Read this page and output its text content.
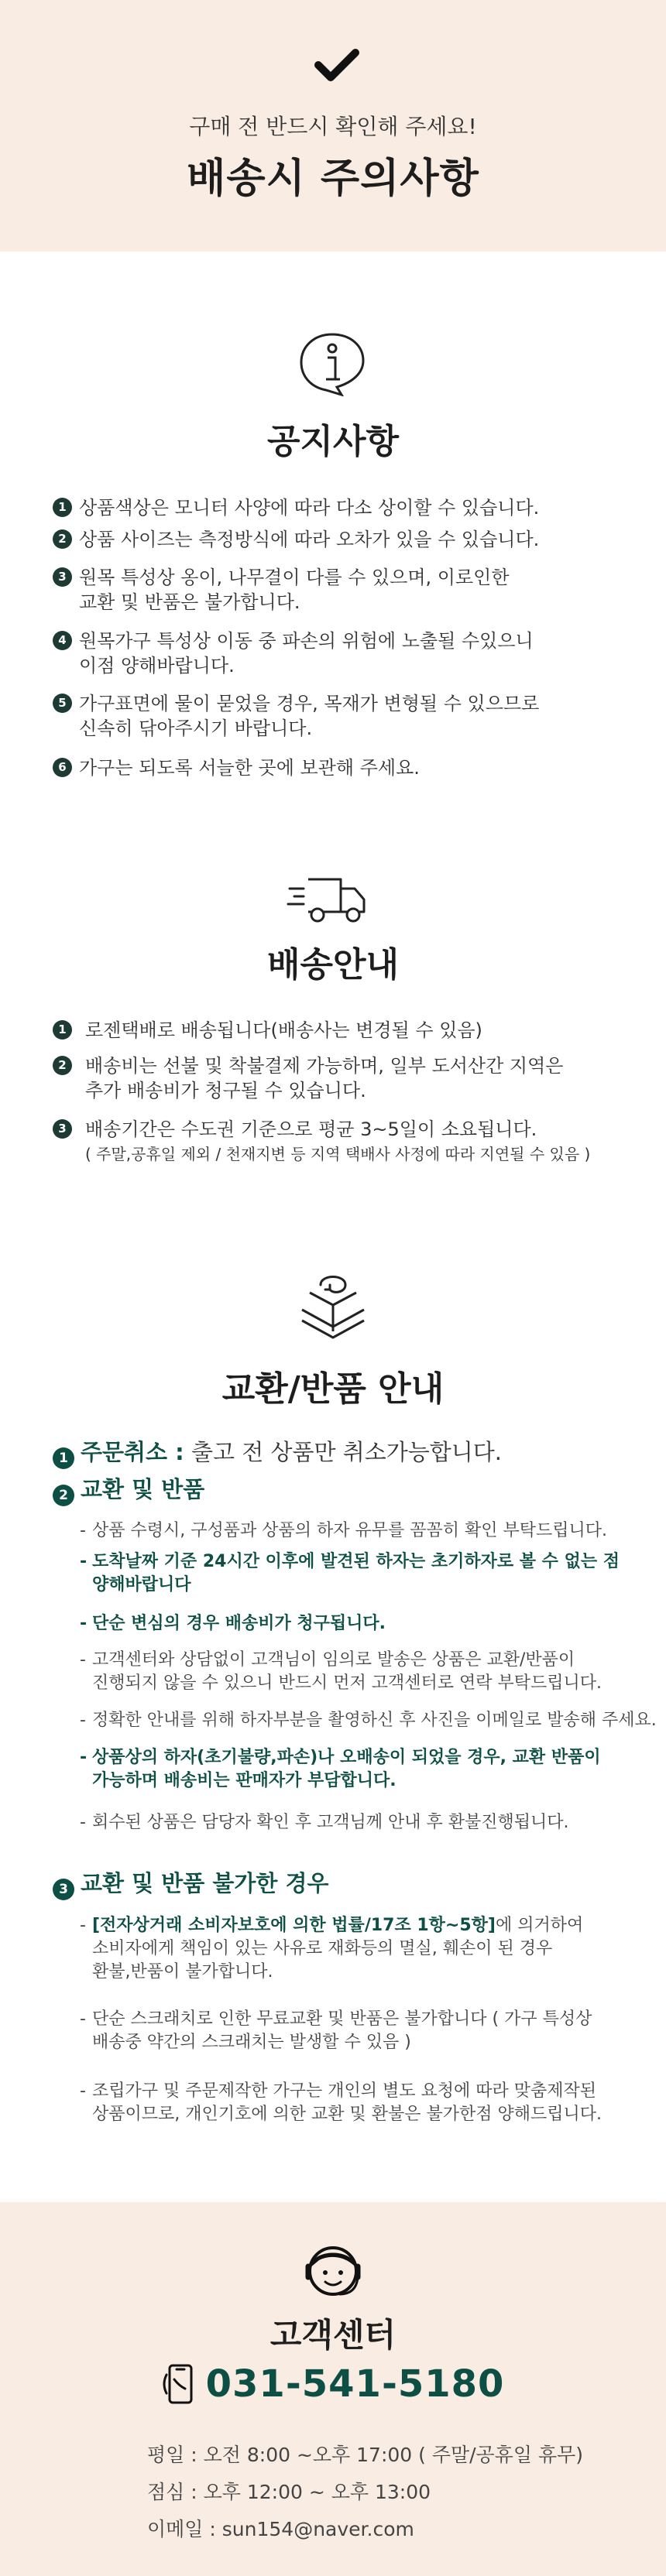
구매 전 반드시 확인해 주세요!
배송시 주의사항
공지사항
1 상품색상은 모니터 사양에 따라 다소 상이할 수 있습니다.
2 상품 사이즈는 측정방식에 따라 오차가 있을 수 있습니다.
3 원목 특성상 옹이, 나무결이 다를 수 있으며, 이로인한
교환 및 반품은 불가합니다.
4 원목가구 특성상 이동 중 파손의 위험에 노출될 수있으니
이점 양해바랍니다.
5 가구표면에 물이 묻었을 경우, 목재가 변형될 수 있으므로
신속히 닦아주시기 바랍니다.
6 가구는 되도록 서늘한 곳에 보관해 주세요.
배송안내
1	로젠택배로 배송됩니다(배송사는 변경될 수 있음)
2	배송비는 선불 및 착불결제 가능하며, 일부 도서산간 지역은
추가 배송비가 청구될 수 있습니다.
3	배송기간은 수도권 기준으로 평균 3~5일이 소요됩니다.
( 주말,공휴일 제외 / 천재지변 등 지역 택배사 사정에 따라 지연될 수 있음 )
교환/반품 안내
1 주문취소 : 출고 전 상품만 취소가능합니다.
2 교환 및 반품
- 상품 수령시, 구성품과 상품의 하자 유무를 꼼꼼히 확인 부탁드립니다.
- 도착날짜 기준 24시간 이후에 발견된 하자는 초기하자로 볼 수 없는 점
양해바랍니다
- 단순 변심의 경우 배송비가 청구됩니다.
- 고객센터와 상담없이 고객님이 임의로 발송은 상품은 교환/반품이
진행되지 않을 수 있으니 반드시 먼저 고객센터로 연락 부탁드립니다.
- 정확한 안내를 위해 하자부분을 촬영하신 후 사진을 이메일로 발송해 주세요.
- 상품상의 하자(초기불량,파손)나 오배송이 되었을 경우, 교환 반품이
가능하며 배송비는 판매자가 부담합니다.
- 회수된 상품은 담당자 확인 후 고객님께 안내 후 환불진행됩니다.
3 교환 및 반품 불가한 경우
- [전자상거래 소비자보호에 의한 법률/17조 1항~5항]에 의거하여
소비자에게 책임이 있는 사유로 재화등의 멸실, 훼손이 된 경우
환불,반품이 불가합니다.
- 단순 스크래치로 인한 무료교환 및 반품은 불가합니다 ( 가구 특성상
배송중 약간의 스크래치는 발생할 수 있음 )
- 조립가구 및 주문제작한 가구는 개인의 별도 요청에 따라 맞춤제작된
상품이므로, 개인기호에 의한 교환 및 환불은 불가한점 양해드립니다.
고객센터
031-541-5180
평일 : 오전 8:00 ~오후 17:00 ( 주말/공휴일 휴무)
점심 : 오후 12:00 ~ 오후 13:00
이메일 : sun154@naver.com
